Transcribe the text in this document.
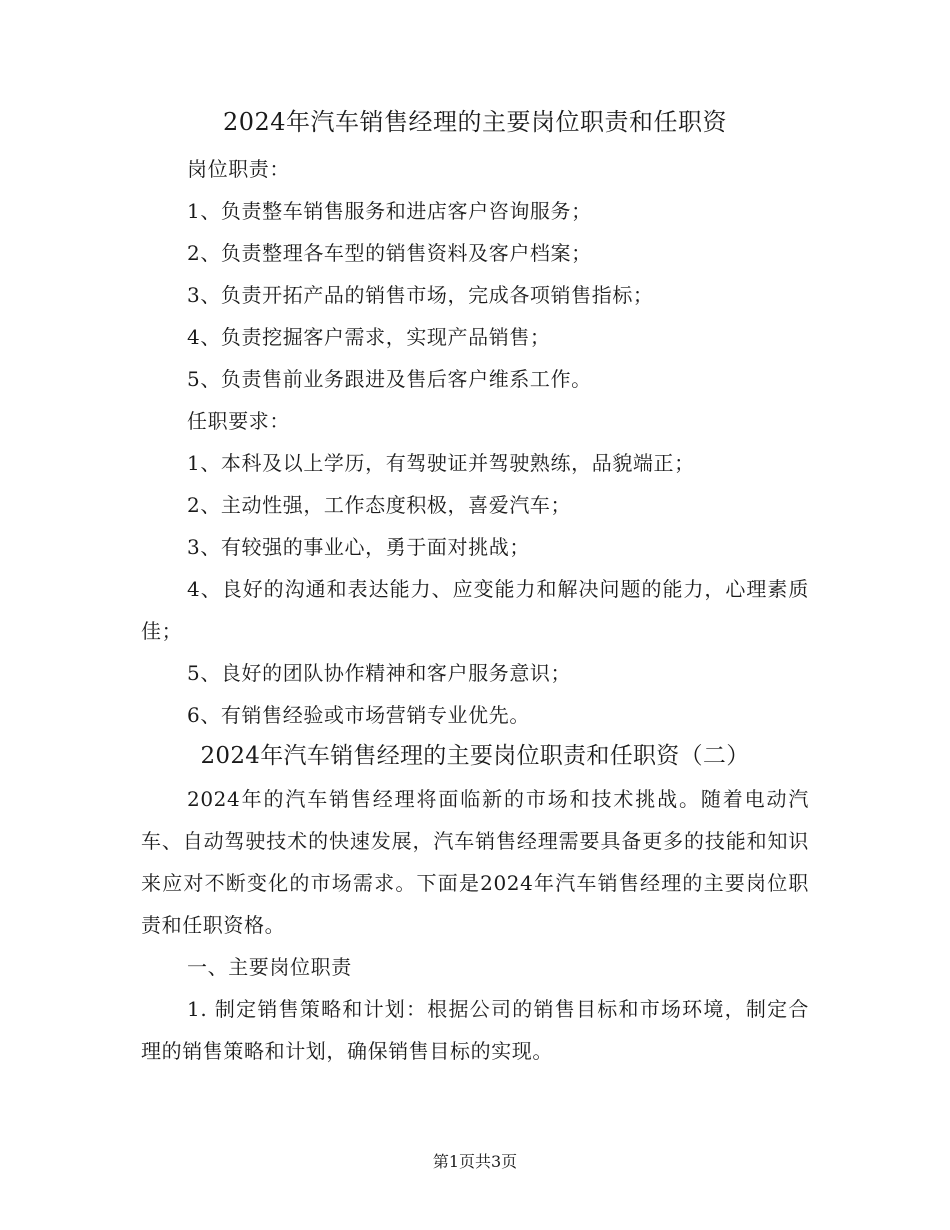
2024年汽车销售经理的主要岗位职责和任职资

岗位职责：

1、负责整车销售服务和进店客户咨询服务；

2、负责整理各车型的销售资料及客户档案；

3、负责开拓产品的销售市场，完成各项销售指标；

4、负责挖掘客户需求，实现产品销售；

5、负责售前业务跟进及售后客户维系工作。

任职要求：

1、本科及以上学历，有驾驶证并驾驶熟练，品貌端正；

2、主动性强，工作态度积极，喜爱汽车；

3、有较强的事业心，勇于面对挑战；

4、良好的沟通和表达能力、应变能力和解决问题的能力，心理素质佳；

5、良好的团队协作精神和客户服务意识；

6、有销售经验或市场营销专业优先。

2024年汽车销售经理的主要岗位职责和任职资（二）

2024年的汽车销售经理将面临新的市场和技术挑战。随着电动汽车、自动驾驶技术的快速发展，汽车销售经理需要具备更多的技能和知识来应对不断变化的市场需求。下面是2024年汽车销售经理的主要岗位职责和任职资格。

一、主要岗位职责

1. 制定销售策略和计划：根据公司的销售目标和市场环境，制定合理的销售策略和计划，确保销售目标的实现。

第1页共3页
